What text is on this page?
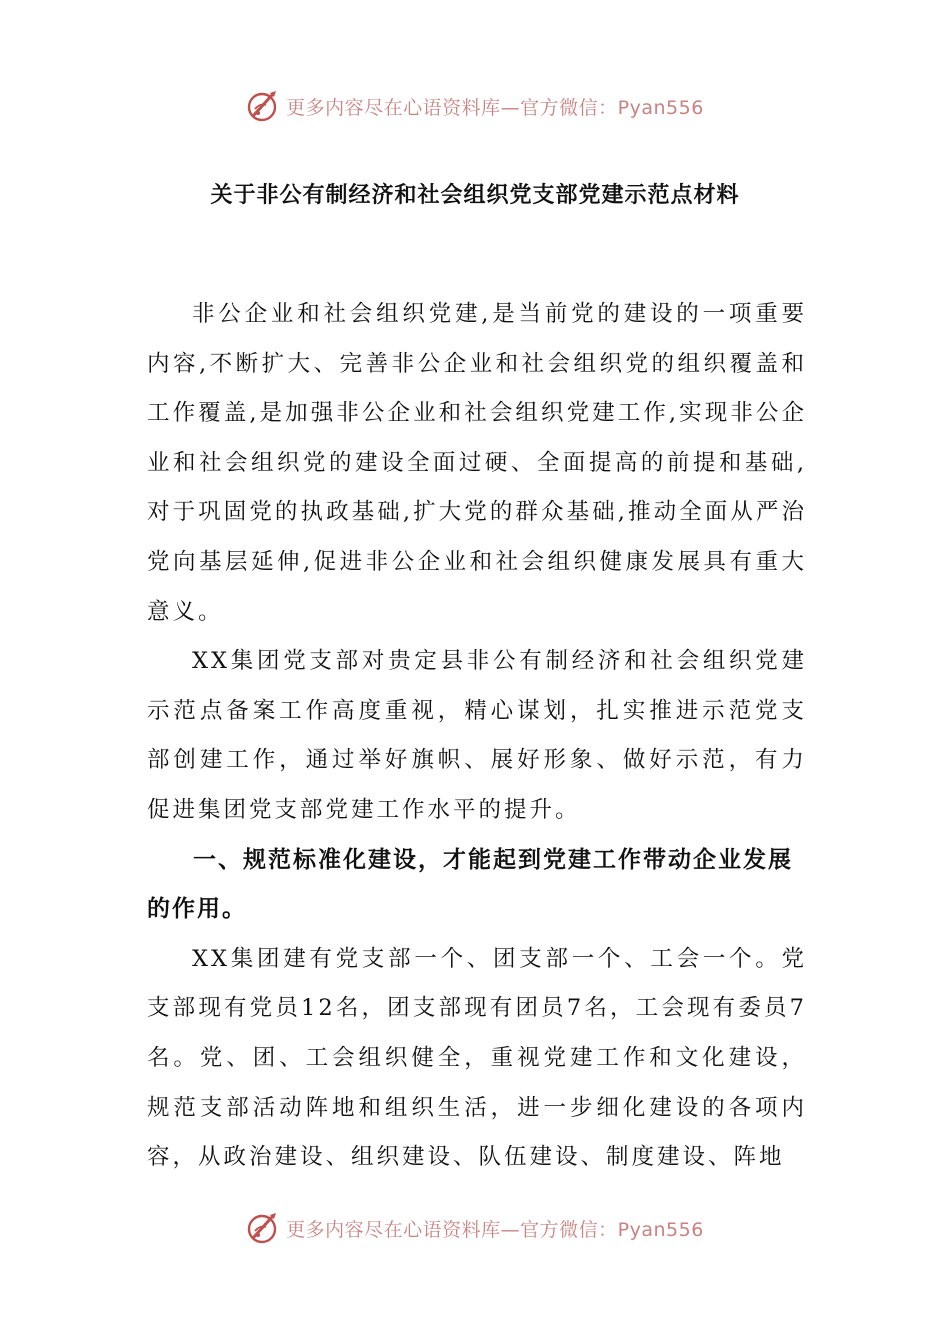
更多内容尽在心语资料库—官方微信：Pyan556
关于非公有制经济和社会组织党支部党建示范点材料

非公企业和社会组织党建,是当前党的建设的一项重要内容,不断扩大、完善非公企业和社会组织党的组织覆盖和工作覆盖,是加强非公企业和社会组织党建工作,实现非公企业和社会组织党的建设全面过硬、全面提高的前提和基础,对于巩固党的执政基础,扩大党的群众基础,推动全面从严治党向基层延伸,促进非公企业和社会组织健康发展具有重大意义。

XX集团党支部对贵定县非公有制经济和社会组织党建示范点备案工作高度重视，精心谋划，扎实推进示范党支部创建工作，通过举好旗帜、展好形象、做好示范，有力促进集团党支部党建工作水平的提升。

一、规范标准化建设，才能起到党建工作带动企业发展的作用。

XX集团建有党支部一个、团支部一个、工会一个。党支部现有党员12名，团支部现有团员7名，工会现有委员7名。党、团、工会组织健全，重视党建工作和文化建设，规范支部活动阵地和组织生活，进一步细化建设的各项内容，从政治建设、组织建设、队伍建设、制度建设、阵地

更多内容尽在心语资料库—官方微信：Pyan556
